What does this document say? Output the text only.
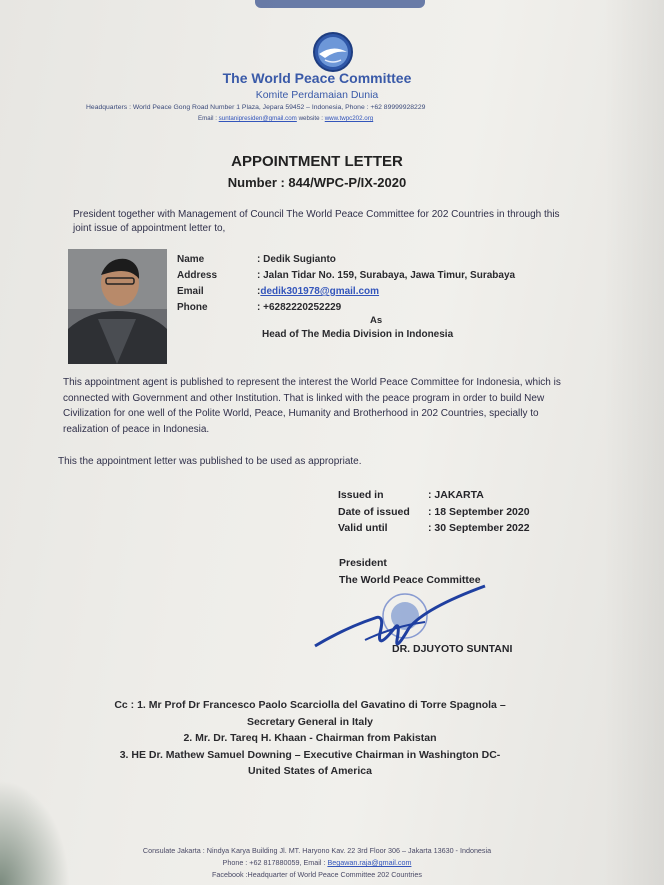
The World Peace Committee
Komite Perdamaian Dunia
Headquarters : World Peace Gong Road Number 1 Plaza, Jepara 59452 – Indonesia, Phone : +62 89999928229
Email : suntanipresiden@gmail.com website : www.twpc202.org
APPOINTMENT LETTER
Number : 844/WPC-P/IX-2020
President together with Management of Council The World Peace Committee for 202 Countries in through this joint issue of appointment letter to,
Name	: Dedik Sugianto
Address	: Jalan Tidar No. 159, Surabaya, Jawa Timur, Surabaya
Email	: dedik301978@gmail.com
Phone	: +6282220252229
As
Head of The Media Division in Indonesia
This appointment agent is published to represent the interest the World Peace Committee for Indonesia, which is connected with Government and other Institution. That is linked with the peace program in order to build New Civilization for one well of the Polite World, Peace, Humanity and Brotherhood in 202 Countries, specially to realization of peace in Indonesia.
This the appointment letter was published to be used as appropriate.
Issued in	: JAKARTA
Date of issued	: 18 September 2020
Valid until	: 30 September 2022
President
The World Peace Committee
DR. DJUYOTO SUNTANI
Cc : 1. Mr Prof Dr Francesco Paolo Scarciolla del Gavatino di Torre Spagnola –
Secretary General in Italy
2. Mr. Dr. Tareq H. Khaan - Chairman from Pakistan
3. HE Dr. Mathew Samuel Downing – Executive Chairman in Washington DC-
United States of America
Consulate Jakarta : Nindya Karya Building Jl. MT. Haryono Kav. 22 3rd Floor 306 – Jakarta 13630 - Indonesia
Phone : +62 817880059, Email : Begawan.raja@gmail.com
Facebook :Headquarter of World Peace Committee 202 Countries
